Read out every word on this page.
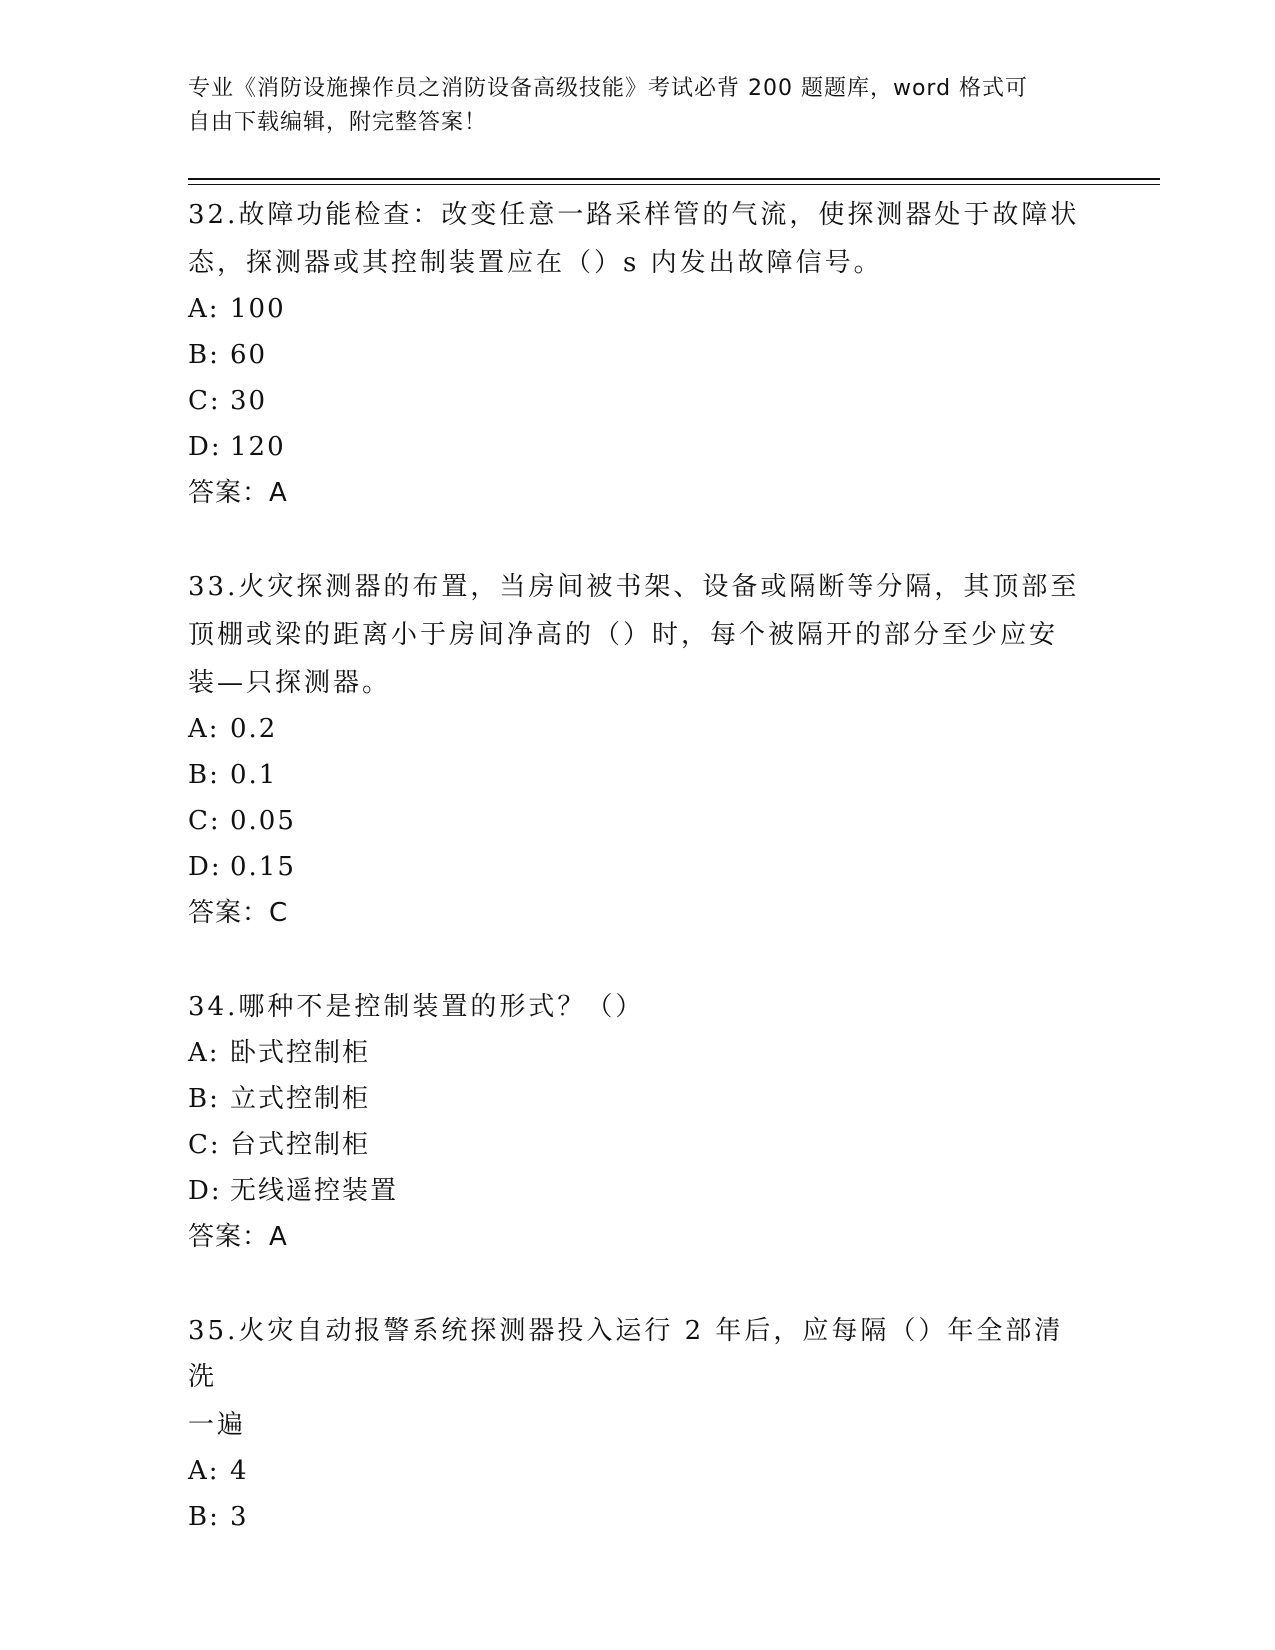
专业《消防设施操作员之消防设备高级技能》考试必背 200 题题库，word 格式可
自由下载编辑，附完整答案！

32.故障功能检查：改变任意一路采样管的气流，使探测器处于故障状

态，探测器或其控制装置应在（）s 内发出故障信号。

A: 100

B: 60

C: 30

D: 120

答案：A

33.火灾探测器的布置，当房间被书架、设备或隔断等分隔，其顶部至

顶棚或梁的距离小于房间净高的（）时，每个被隔开的部分至少应安

装—只探测器。

A: 0.2

B: 0.1

C: 0.05

D: 0.15

答案：C

34.哪种不是控制装置的形式？（）

A: 卧式控制柜

B: 立式控制柜

C: 台式控制柜

D: 无线遥控装置

答案：A

35.火灾自动报警系统探测器投入运行 2 年后，应每隔（）年全部清洗

一遍

A: 4

B: 3
